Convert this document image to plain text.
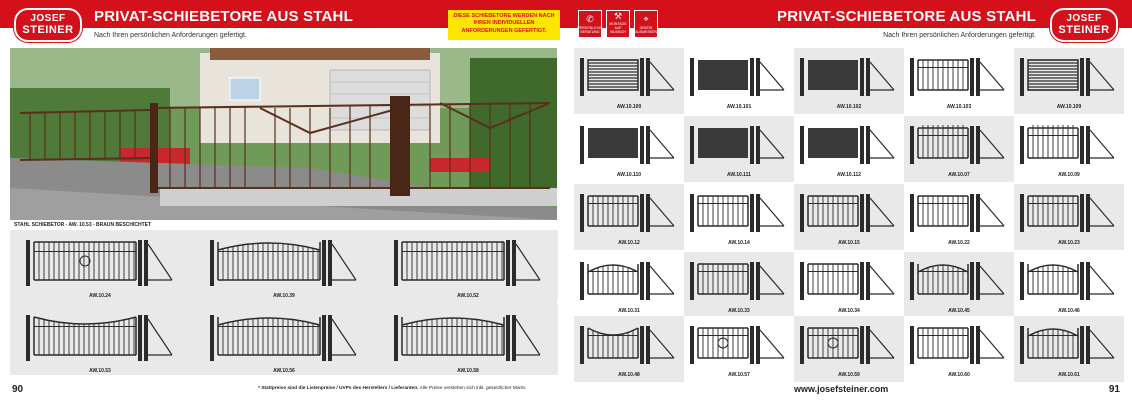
JOSEF
STEINER
PRIVAT-SCHIEBETORE AUS STAHL
Nach Ihren persönlichen Anforderungen gefertigt.
DIESE SCHIEBETORE WERDEN NACH IHREN INDIVIDUELLEN ANFORDERUNGEN GEFERTIGT.
STAHL SCHIEBETOR - AW. 10.53 - BRAUN BESCHICHTET
AW.10.24	AW.10.39	AW.10.52
AW.10.53	AW.10.56	AW.10.58
90	* Stattpreise sind die Listenpreise / UVPs des Herstellers / Lieferanten. Alle Preise verstehen sich inkl. gesetzlicher MwSt.
✆
PERSÖNLICHE BERATUNG
⚒
MONTAGE AUF WUNSCH
⌖
GRATIS AUSMESSEN
PRIVAT-SCHIEBETORE AUS STAHL
Nach Ihren persönlichen Anforderungen gefertigt.
JOSEF
STEINER
AW.10.100	AW.10.101	AW.10.102	AW.10.103	AW.10.109
AW.10.110	AW.10.111	AW.10.112	AW.10.07	AW.10.09
AW.10.12	AW.10.14	AW.10.15	AW.10.22	AW.10.23
AW.10.31	AW.10.33	AW.10.34	AW.10.45	AW.10.46
AW.10.48	AW.10.57	AW.10.59	AW.10.60	AW.10.61
www.josefsteiner.com	91
